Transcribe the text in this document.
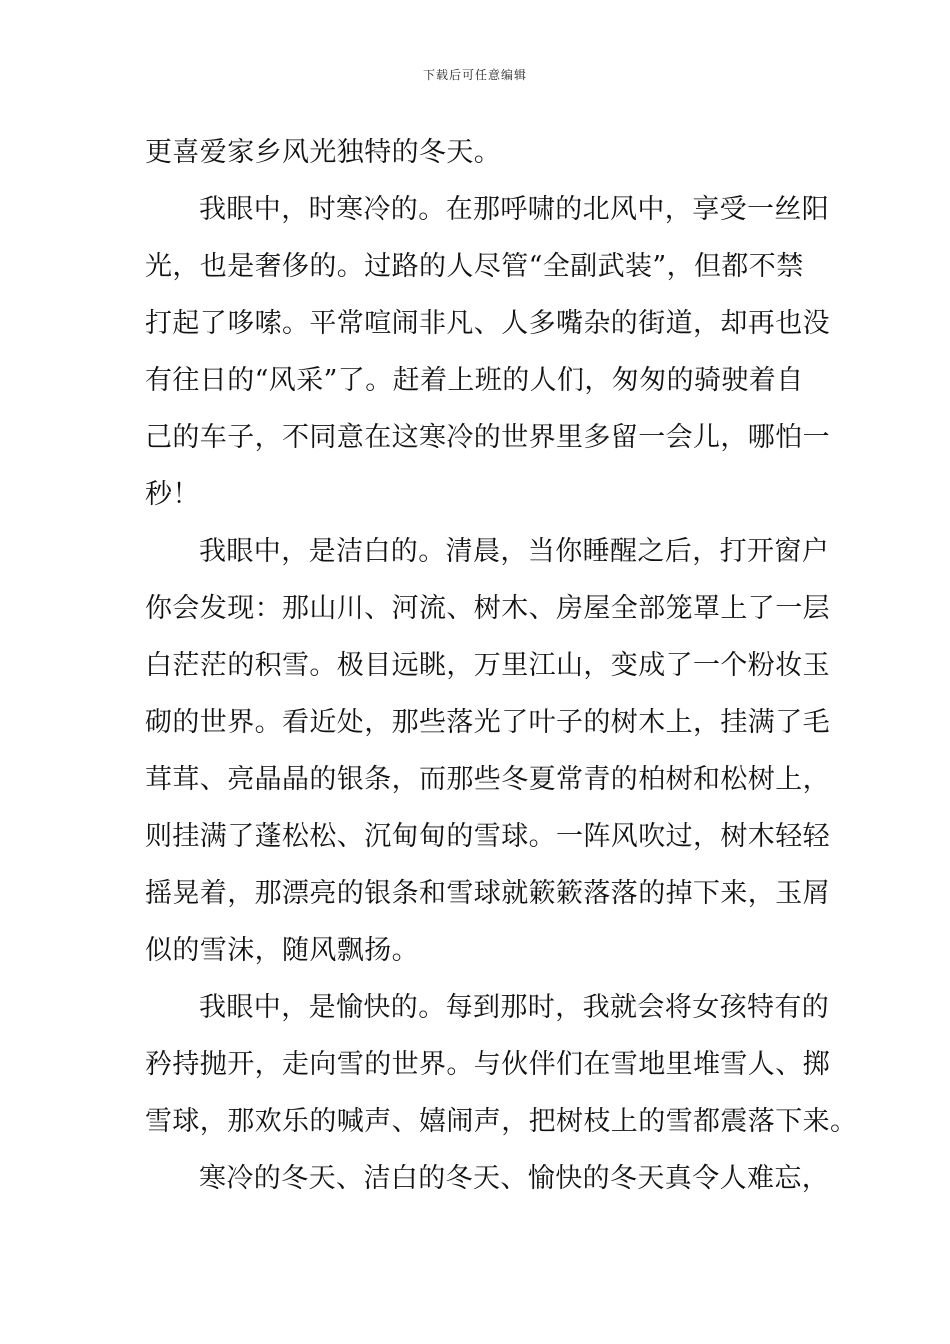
下载后可任意编辑
更喜爱家乡风光独特的冬天。
我眼中，时寒冷的。在那呼啸的北风中，享受一丝阳
光，也是奢侈的。过路的人尽管“全副武装”，但都不禁
打起了哆嗦。平常喧闹非凡、人多嘴杂的街道，却再也没
有往日的“风采”了。赶着上班的人们，匆匆的骑驶着自
己的车子，不同意在这寒冷的世界里多留一会儿，哪怕一
秒！
我眼中，是洁白的。清晨，当你睡醒之后，打开窗户
你会发现：那山川、河流、树木、房屋全部笼罩上了一层
白茫茫的积雪。极目远眺，万里江山，变成了一个粉妆玉
砌的世界。看近处，那些落光了叶子的树木上，挂满了毛
茸茸、亮晶晶的银条，而那些冬夏常青的柏树和松树上，
则挂满了蓬松松、沉甸甸的雪球。一阵风吹过，树木轻轻
摇晃着，那漂亮的银条和雪球就簌簌落落的掉下来，玉屑
似的雪沫，随风飘扬。
我眼中，是愉快的。每到那时，我就会将女孩特有的
矜持抛开，走向雪的世界。与伙伴们在雪地里堆雪人、掷
雪球，那欢乐的喊声、嬉闹声，把树枝上的雪都震落下来。
寒冷的冬天、洁白的冬天、愉快的冬天真令人难忘，
